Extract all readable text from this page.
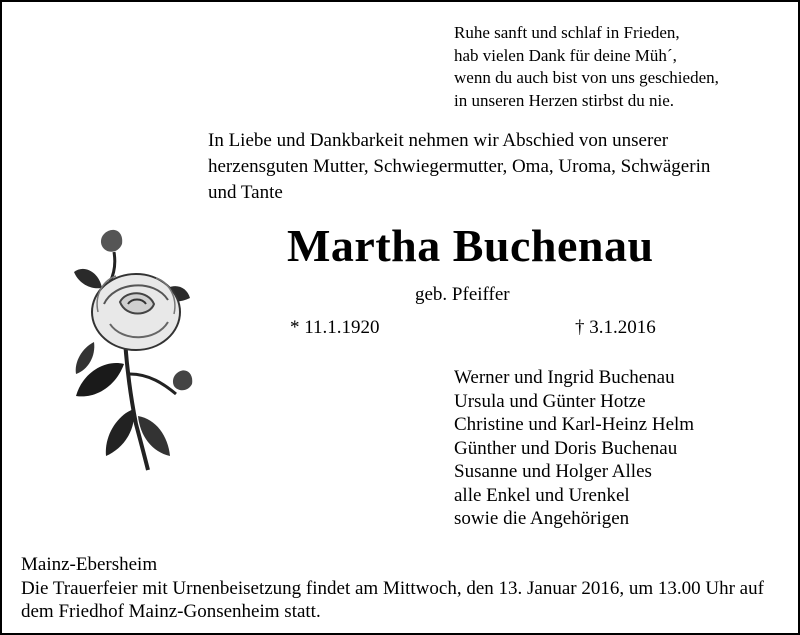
Ruhe sanft und schlaf in Frieden,
hab vielen Dank für deine Müh´,
wenn du auch bist von uns geschieden,
in unseren Herzen stirbst du nie.
In Liebe und Dankbarkeit nehmen wir Abschied von unserer
herzensguten Mutter, Schwiegermutter, Oma, Uroma, Schwägerin
und Tante
Martha Buchenau
geb. Pfeiffer
* 11.1.1920	† 3.1.2016
Werner und Ingrid Buchenau
Ursula und Günter Hotze
Christine und Karl-Heinz Helm
Günther und Doris Buchenau
Susanne und Holger Alles
alle Enkel und Urenkel
sowie die Angehörigen
Mainz-Ebersheim
Die Trauerfeier mit Urnenbeisetzung findet am Mittwoch, den 13. Januar 2016, um 13.00 Uhr auf
dem Friedhof Mainz-Gonsenheim statt.
